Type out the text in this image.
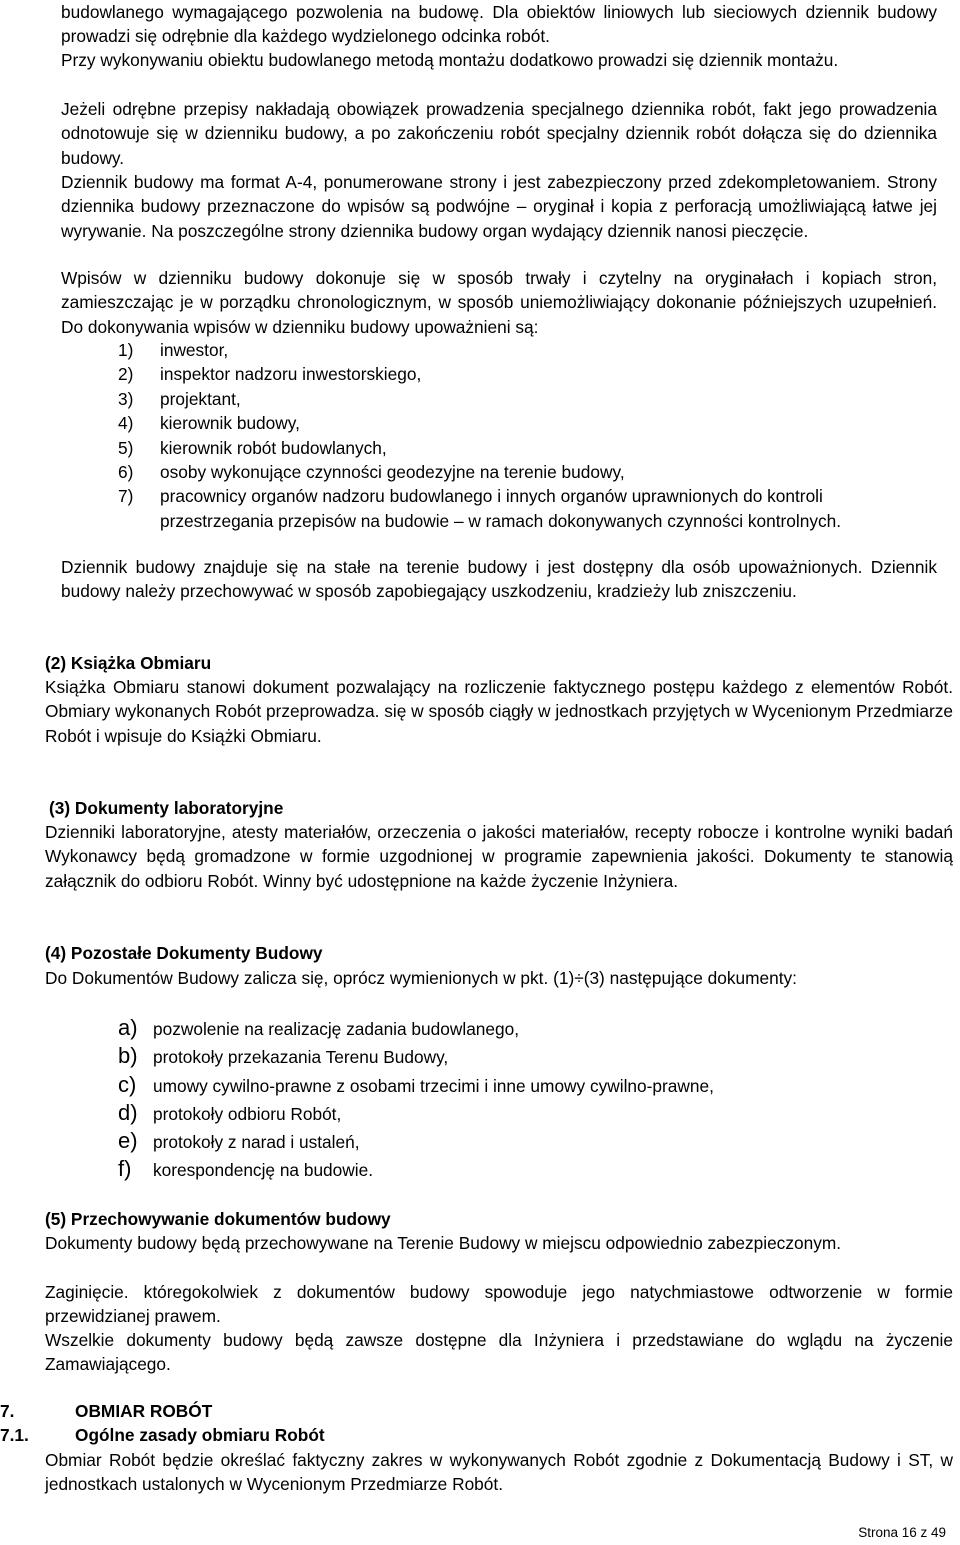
budowlanego wymagającego pozwolenia na budowę. Dla obiektów liniowych lub sieciowych dziennik budowy prowadzi się odrębnie dla każdego wydzielonego odcinka robót.

Przy wykonywaniu obiektu budowlanego metodą montażu dodatkowo prowadzi się dziennik montażu.

Jeżeli odrębne przepisy nakładają obowiązek prowadzenia specjalnego dziennika robót, fakt jego prowadzenia odnotowuje się w dzienniku budowy, a po zakończeniu robót specjalny dziennik robót dołącza się do dziennika budowy.

Dziennik budowy ma format A-4, ponumerowane strony i jest zabezpieczony przed zdekompletowaniem. Strony dziennika budowy przeznaczone do wpisów są podwójne – oryginał i kopia z perforacją umożliwiającą łatwe jej wyrywanie. Na poszczególne strony dziennika budowy organ wydający dziennik nanosi pieczęcie.

Wpisów w dzienniku budowy dokonuje się w sposób trwały i czytelny na oryginałach i kopiach stron, zamieszczając je w porządku chronologicznym, w sposób uniemożliwiający dokonanie późniejszych uzupełnień. Do dokonywania wpisów w dzienniku budowy upoważnieni są:

1)	inwestor,
2)	inspektor nadzoru inwestorskiego,
3)	projektant,
4)	kierownik budowy,
5)	kierownik robót budowlanych,
6)	osoby wykonujące czynności geodezyjne na terenie budowy,
7)	pracownicy organów nadzoru budowlanego i innych organów uprawnionych do kontroli przestrzegania przepisów na budowie – w ramach dokonywanych czynności kontrolnych.

Dziennik budowy znajduje się na stałe na terenie budowy i jest dostępny dla osób upoważnionych. Dziennik budowy należy przechowywać w sposób zapobiegający uszkodzeniu, kradzieży lub zniszczeniu.

(2) Książka Obmiaru

Książka Obmiaru stanowi dokument pozwalający na rozliczenie faktycznego postępu każdego z elementów Robót. Obmiary wykonanych Robót przeprowadza. się w sposób ciągły w jednostkach przyjętych w Wycenionym Przedmiarze Robót i wpisuje do Książki Obmiaru.

(3) Dokumenty laboratoryjne

Dzienniki laboratoryjne, atesty materiałów, orzeczenia o jakości materiałów, recepty robocze i kontrolne wyniki badań Wykonawcy będą gromadzone w formie uzgodnionej w programie zapewnienia jakości. Dokumenty te stanowią załącznik do odbioru Robót. Winny być udostępnione na każde życzenie Inżyniera.

(4) Pozostałe Dokumenty Budowy

Do Dokumentów Budowy zalicza się, oprócz wymienionych w pkt. (1)÷(3) następujące dokumenty:

a) pozwolenie na realizację zadania budowlanego,
b) protokoły przekazania Terenu Budowy,
c) umowy cywilno-prawne z osobami trzecimi i inne umowy cywilno-prawne,
d) protokoły odbioru Robót,
e) protokoły z narad i ustaleń,
f)	korespondencję na budowie.
(5) Przechowywanie dokumentów budowy

Dokumenty budowy będą przechowywane na Terenie Budowy w miejscu odpowiednio zabezpieczonym.

Zaginięcie. któregokolwiek z dokumentów budowy spowoduje jego natychmiastowe odtworzenie w formie przewidzianej prawem.

Wszelkie dokumenty budowy będą zawsze dostępne dla Inżyniera i przedstawiane do wglądu na życzenie Zamawiającego.

7.	OBMIAR ROBÓT
7.1.	Ogólne zasady obmiaru Robót

Obmiar Robót będzie określać faktyczny zakres w wykonywanych Robót zgodnie z Dokumentacją Budowy i ST, w jednostkach ustalonych w Wycenionym Przedmiarze Robót.

Strona 16 z 49
